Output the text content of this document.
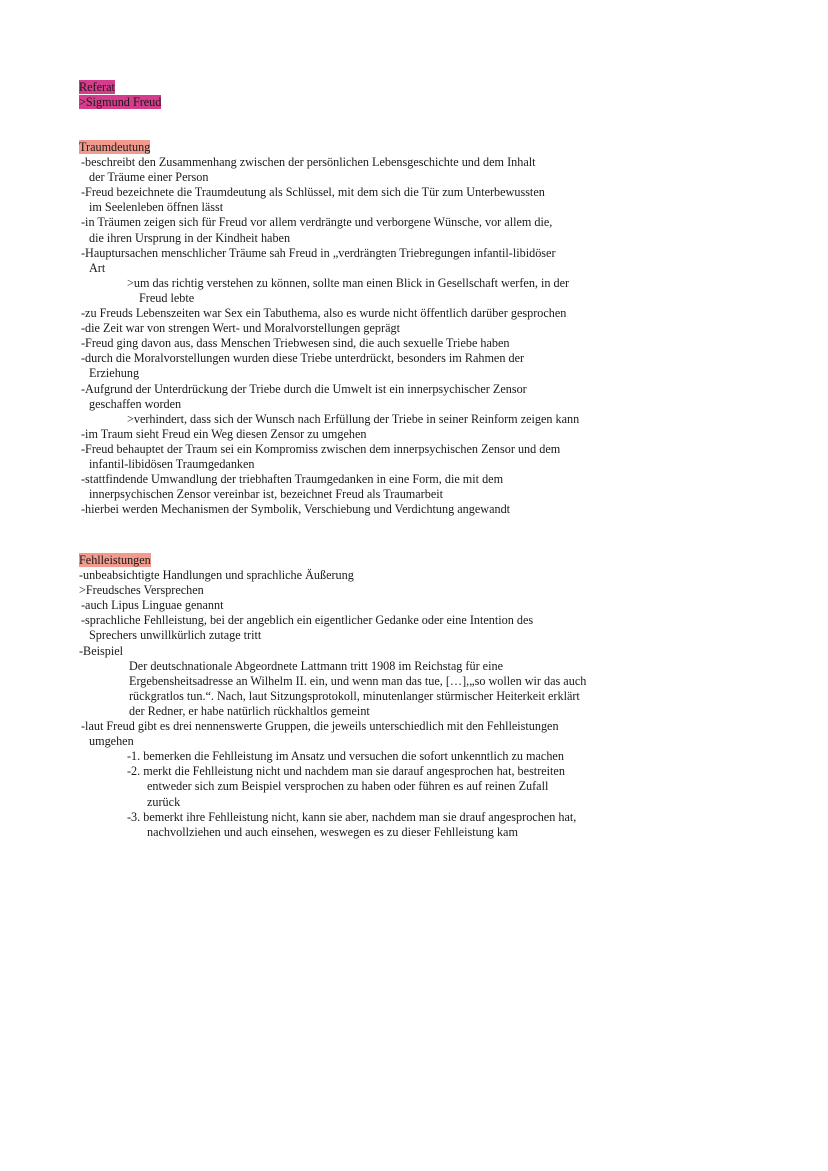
Referat
>Sigmund Freud
Traumdeutung
-beschreibt den Zusammenhang zwischen der persönlichen Lebensgeschichte und dem Inhalt
der Träume einer Person
-Freud bezeichnete die Traumdeutung als Schlüssel, mit dem sich die Tür zum Unterbewussten
im Seelenleben öffnen lässt
-in Träumen zeigen sich für Freud vor allem verdrängte und verborgene Wünsche, vor allem die,
die ihren Ursprung in der Kindheit haben
-Hauptursachen menschlicher Träume sah Freud in „verdrängten Triebregungen infantil-libidöser
Art
>um das richtig verstehen zu können, sollte man einen Blick in Gesellschaft werfen, in der
Freud lebte
-zu Freuds Lebenszeiten war Sex ein Tabuthema, also es wurde nicht öffentlich darüber gesprochen
-die Zeit war von strengen Wert- und Moralvorstellungen geprägt
-Freud ging davon aus, dass Menschen Triebwesen sind, die auch sexuelle Triebe haben
-durch die Moralvorstellungen wurden diese Triebe unterdrückt, besonders im Rahmen der
Erziehung
-Aufgrund der Unterdrückung der Triebe durch die Umwelt ist ein innerpsychischer Zensor
geschaffen worden
>verhindert, dass sich der Wunsch nach Erfüllung der Triebe in seiner Reinform zeigen kann
-im Traum sieht Freud ein Weg diesen Zensor zu umgehen
-Freud behauptet der Traum sei ein Kompromiss zwischen dem innerpsychischen Zensor und dem
infantil-libidösen Traumgedanken
-stattfindende Umwandlung der triebhaften Traumgedanken in eine Form, die mit dem
innerpsychischen Zensor vereinbar ist, bezeichnet Freud als Traumarbeit
-hierbei werden Mechanismen der Symbolik, Verschiebung und Verdichtung angewandt
Fehlleistungen
-unbeabsichtigte Handlungen und sprachliche Äußerung
>Freudsches Versprechen
-auch Lipus Linguae genannt
-sprachliche Fehlleistung, bei der angeblich ein eigentlicher Gedanke oder eine Intention des
Sprechers unwillkürlich zutage tritt
-Beispiel
Der deutschnationale Abgeordnete Lattmann tritt 1908 im Reichstag für eine
Ergebensheitsadresse an Wilhelm II. ein, und wenn man das tue, […],„so wollen wir das auch
rückgratlos tun.“. Nach, laut Sitzungsprotokoll, minutenlanger stürmischer Heiterkeit erklärt
der Redner, er habe natürlich rückhaltlos gemeint
-laut Freud gibt es drei nennenswerte Gruppen, die jeweils unterschiedlich mit den Fehlleistungen
umgehen
-1. bemerken die Fehlleistung im Ansatz und versuchen die sofort unkenntlich zu machen
-2. merkt die Fehlleistung nicht und nachdem man sie darauf angesprochen hat, bestreiten
entweder sich zum Beispiel versprochen zu haben oder führen es auf reinen Zufall
zurück
-3. bemerkt ihre Fehlleistung nicht, kann sie aber, nachdem man sie drauf angesprochen hat,
nachvollziehen und auch einsehen, weswegen es zu dieser Fehlleistung kam
